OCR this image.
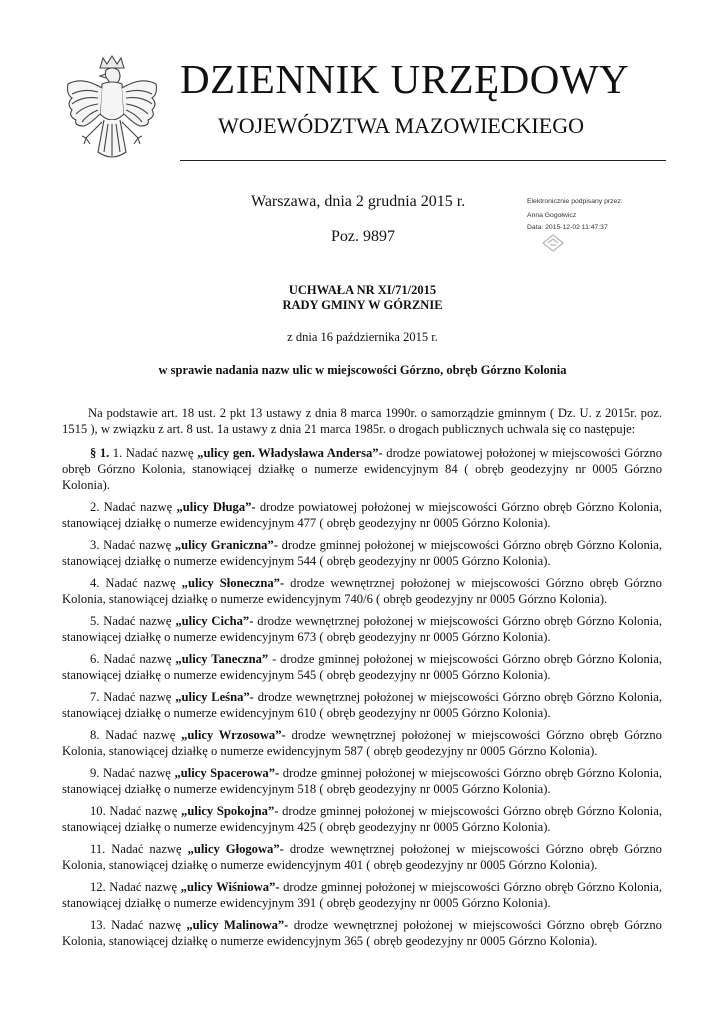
DZIENNIK URZĘDOWY
WOJEWÓDZTWA MAZOWIECKIEGO
Warszawa, dnia 2 grudnia 2015 r.
Poz. 9897
Elektronicznie podpisany przez:
Anna Gogołwicz
Data: 2015-12-02 11:47:37
UCHWAŁA NR XI/71/2015
RADY GMINY W GÓRZNIE
z dnia 16 października 2015 r.
w sprawie nadania nazw ulic w miejscowości Górzno, obręb Górzno Kolonia

Na podstawie art. 18 ust. 2 pkt 13 ustawy z dnia 8 marca 1990r. o samorządzie gminnym ( Dz. U. z 2015r. poz. 1515 ), w związku z art. 8 ust. 1a ustawy z dnia 21 marca 1985r. o drogach publicznych uchwala się co następuje:

§ 1. 1. Nadać nazwę „ulicy gen. Władysława Andersa”- drodze powiatowej położonej w miejscowości Górzno obręb Górzno Kolonia, stanowiącej działkę o numerze ewidencyjnym 84 ( obręb geodezyjny nr 0005 Górzno Kolonia).

2. Nadać nazwę „ulicy Długa”- drodze powiatowej położonej w miejscowości Górzno obręb Górzno Kolonia, stanowiącej działkę o numerze ewidencyjnym 477 ( obręb geodezyjny nr 0005 Górzno Kolonia).

3. Nadać nazwę „ulicy Graniczna”- drodze gminnej położonej w miejscowości Górzno obręb Górzno Kolonia, stanowiącej działkę o numerze ewidencyjnym 544 ( obręb geodezyjny nr 0005 Górzno Kolonia).

4. Nadać nazwę „ulicy Słoneczna”- drodze wewnętrznej położonej w miejscowości Górzno obręb Górzno Kolonia, stanowiącej działkę o numerze ewidencyjnym 740/6 ( obręb geodezyjny nr 0005 Górzno Kolonia).

5. Nadać nazwę „ulicy Cicha”- drodze wewnętrznej położonej w miejscowości Górzno obręb Górzno Kolonia, stanowiącej działkę o numerze ewidencyjnym 673 ( obręb geodezyjny nr 0005 Górzno Kolonia).

6. Nadać nazwę „ulicy Taneczna” - drodze gminnej położonej w miejscowości Górzno obręb Górzno Kolonia, stanowiącej działkę o numerze ewidencyjnym 545 ( obręb geodezyjny nr 0005 Górzno Kolonia).

7. Nadać nazwę „ulicy Leśna”- drodze wewnętrznej położonej w miejscowości Górzno obręb Górzno Kolonia, stanowiącej działkę o numerze ewidencyjnym 610 ( obręb geodezyjny nr 0005 Górzno Kolonia).

8. Nadać nazwę „ulicy Wrzosowa”- drodze wewnętrznej położonej w miejscowości Górzno obręb Górzno Kolonia, stanowiącej działkę o numerze ewidencyjnym 587 ( obręb geodezyjny nr 0005 Górzno Kolonia).

9. Nadać nazwę „ulicy Spacerowa”- drodze gminnej położonej w miejscowości Górzno obręb Górzno Kolonia, stanowiącej działkę o numerze ewidencyjnym 518 ( obręb geodezyjny nr 0005 Górzno Kolonia).

10. Nadać nazwę „ulicy Spokojna”- drodze gminnej położonej w miejscowości Górzno obręb Górzno Kolonia, stanowiącej działkę o numerze ewidencyjnym 425 ( obręb geodezyjny nr 0005 Górzno Kolonia).

11. Nadać nazwę „ulicy Głogowa”- drodze wewnętrznej położonej w miejscowości Górzno obręb Górzno Kolonia, stanowiącej działkę o numerze ewidencyjnym 401 ( obręb geodezyjny nr 0005 Górzno Kolonia).

12. Nadać nazwę „ulicy Wiśniowa”- drodze gminnej położonej w miejscowości Górzno obręb Górzno Kolonia, stanowiącej działkę o numerze ewidencyjnym 391 ( obręb geodezyjny nr 0005 Górzno Kolonia).

13. Nadać nazwę „ulicy Malinowa”- drodze wewnętrznej położonej w miejscowości Górzno obręb Górzno Kolonia, stanowiącej działkę o numerze ewidencyjnym 365 ( obręb geodezyjny nr 0005 Górzno Kolonia).
